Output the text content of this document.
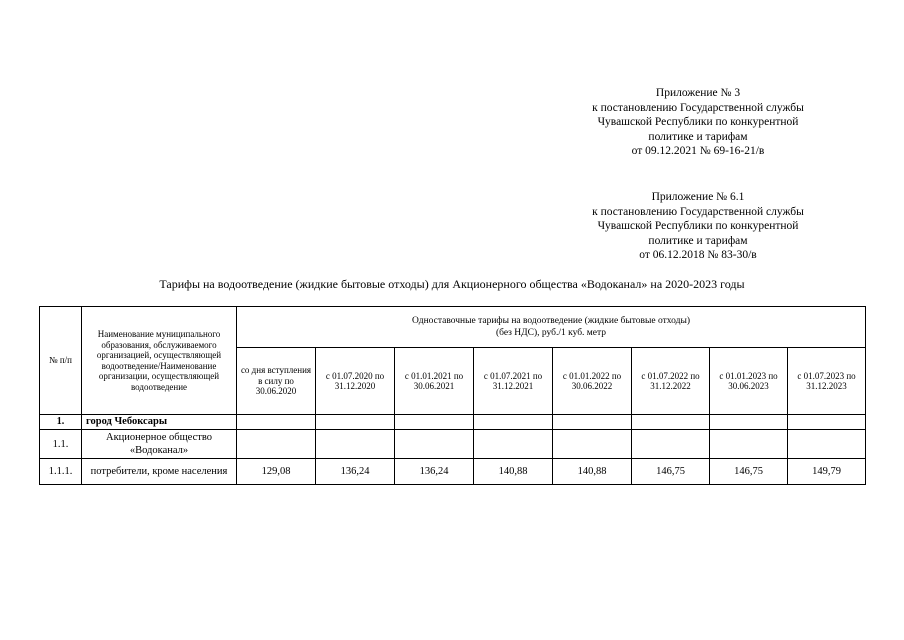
Приложение № 3
к постановлению Государственной службы
Чувашской Республики по конкурентной
политике и тарифам
от 09.12.2021 № 69-16-21/в
Приложение № 6.1
к постановлению Государственной службы
Чувашской Республики по конкурентной
политике и тарифам
от 06.12.2018 № 83-30/в
Тарифы на водоотведение (жидкие бытовые отходы) для Акционерного общества «Водоканал» на 2020-2023 годы
№ п/п	Наименование муниципального образования, обслуживаемого организацией, осуществляющей водоотведение/Наименование организации, осуществляющей водоотведение	Одноставочные тарифы на водоотведение (жидкие бытовые отходы)
(без НДС), руб./1 куб. метр							

		со дня вступления в силу по 30.06.2020	с 01.07.2020 по 31.12.2020	с 01.01.2021 по 30.06.2021	с 01.07.2021 по 31.12.2021	с 01.01.2022 по 30.06.2022	с 01.07.2022 по 31.12.2022	с 01.01.2023 по 30.06.2023	с 01.07.2023 по 31.12.2023
1.	город Чебоксары								
1.1.	Акционерное общество «Водоканал»								
1.1.1.	потребители, кроме населения	129,08	136,24	136,24	140,88	140,88	146,75	146,75	149,79
